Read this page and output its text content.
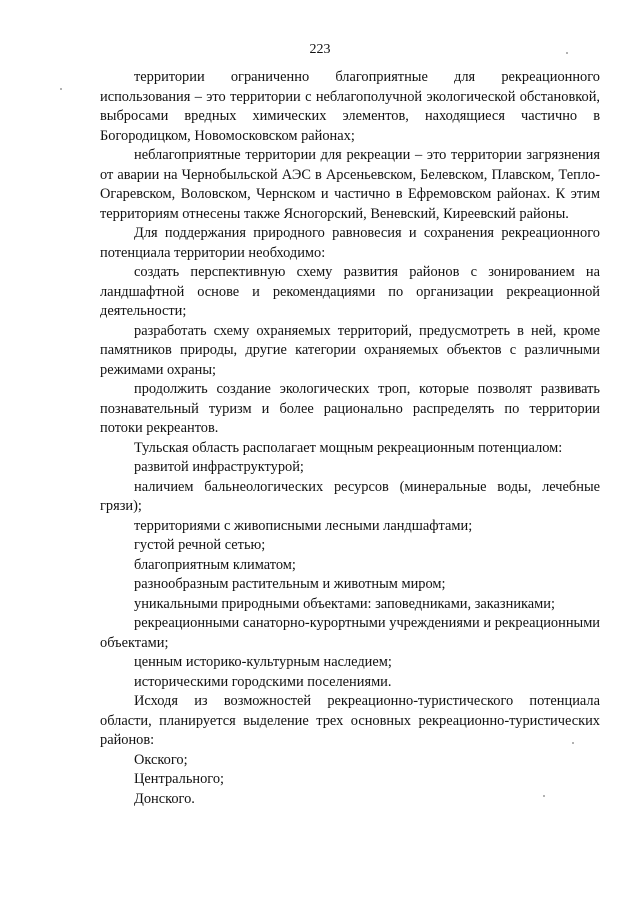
223

территории ограниченно благоприятные для рекреационного использования – это территории с неблагополучной экологической обстановкой, выбросами вредных химических элементов, находящиеся частично в Богородицком, Новомосковском районах;

неблагоприятные территории для рекреации – это территории загрязнения от аварии на Чернобыльской АЭС в Арсеньевском, Белевском, Плавском, Тепло-Огаревском, Воловском, Чернском и частично в Ефремовском районах. К этим территориям отнесены также Ясногорский, Веневский, Киреевский районы.

Для поддержания природного равновесия и сохранения рекреационного потенциала территории необходимо:

создать перспективную схему развития районов с зонированием на ландшафтной основе и рекомендациями по организации рекреационной деятельности;

разработать схему охраняемых территорий, предусмотреть в ней, кроме памятников природы, другие категории охраняемых объектов с различными режимами охраны;

продолжить создание экологических троп, которые позволят развивать познавательный туризм и более рационально распределять по территории потоки рекреантов.

Тульская область располагает мощным рекреационным потенциалом:

развитой инфраструктурой;

наличием бальнеологических ресурсов (минеральные воды, лечебные грязи);

территориями с живописными лесными ландшафтами;

густой речной сетью;

благоприятным климатом;

разнообразным растительным и животным миром;

уникальными природными объектами: заповедниками, заказниками;

рекреационными санаторно-курортными учреждениями и рекреационными объектами;

ценным историко-культурным наследием;

историческими городскими поселениями.

Исходя из возможностей рекреационно-туристического потенциала области, планируется выделение трех основных рекреационно-туристических районов:

Окского;

Центрального;

Донского.
